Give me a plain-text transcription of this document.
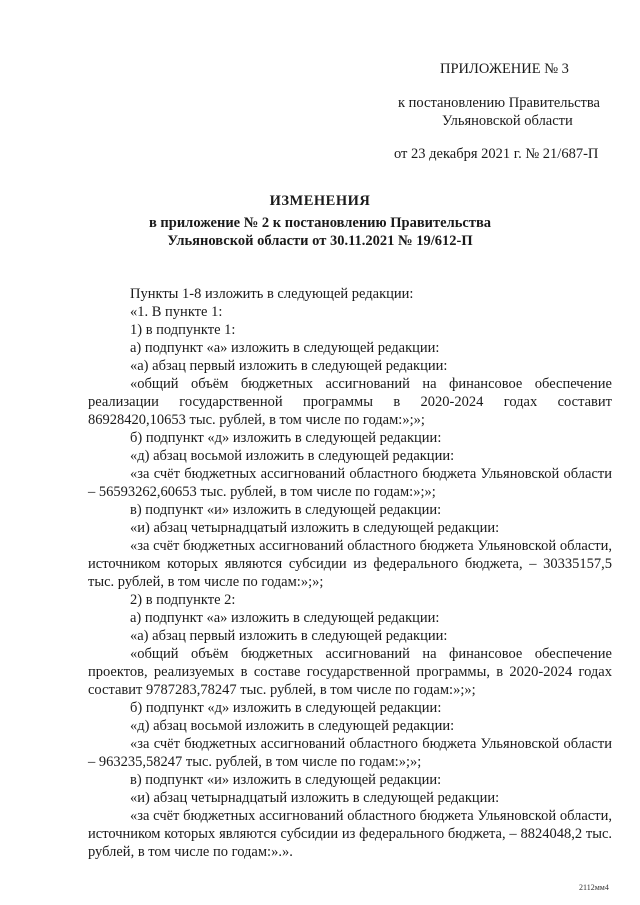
ПРИЛОЖЕНИЕ № 3
к постановлению Правительства
Ульяновской области
от 23 декабря 2021 г. № 21/687-П
ИЗМЕНЕНИЯ
в приложение № 2 к постановлению Правительства
Ульяновской области от 30.11.2021 № 19/612-П

Пункты 1-8 изложить в следующей редакции:

«1. В пункте 1:

1) в подпункте 1:

а) подпункт «а» изложить в следующей редакции:

«а) абзац первый изложить в следующей редакции:

«общий объём бюджетных ассигнований на финансовое обеспечение реализации государственной программы в 2020-2024 годах составит 86928420,10653 тыс. рублей, в том числе по годам:»;»;

б) подпункт «д» изложить в следующей редакции:

«д) абзац восьмой изложить в следующей редакции:

«за счёт бюджетных ассигнований областного бюджета Ульяновской области – 56593262,60653 тыс. рублей, в том числе по годам:»;»;

в) подпункт «и» изложить в следующей редакции:

«и) абзац четырнадцатый изложить в следующей редакции:

«за счёт бюджетных ассигнований областного бюджета Ульяновской области, источником которых являются субсидии из федерального бюджета, – 30335157,5 тыс. рублей, в том числе по годам:»;»;

2) в подпункте 2:

а) подпункт «а» изложить в следующей редакции:

«а) абзац первый изложить в следующей редакции:

«общий объём бюджетных ассигнований на финансовое обеспечение проектов, реализуемых в составе государственной программы, в 2020-2024 годах составит 9787283,78247 тыс. рублей, в том числе по годам:»;»;

б) подпункт «д» изложить в следующей редакции:

«д) абзац восьмой изложить в следующей редакции:

«за счёт бюджетных ассигнований областного бюджета Ульяновской области – 963235,58247 тыс. рублей, в том числе по годам:»;»;

в) подпункт «и» изложить в следующей редакции:

«и) абзац четырнадцатый изложить в следующей редакции:

«за счёт бюджетных ассигнований областного бюджета Ульяновской области, источником которых являются субсидии из федерального бюджета, – 8824048,2 тыс. рублей, в том числе по годам:».».

2112мм4
